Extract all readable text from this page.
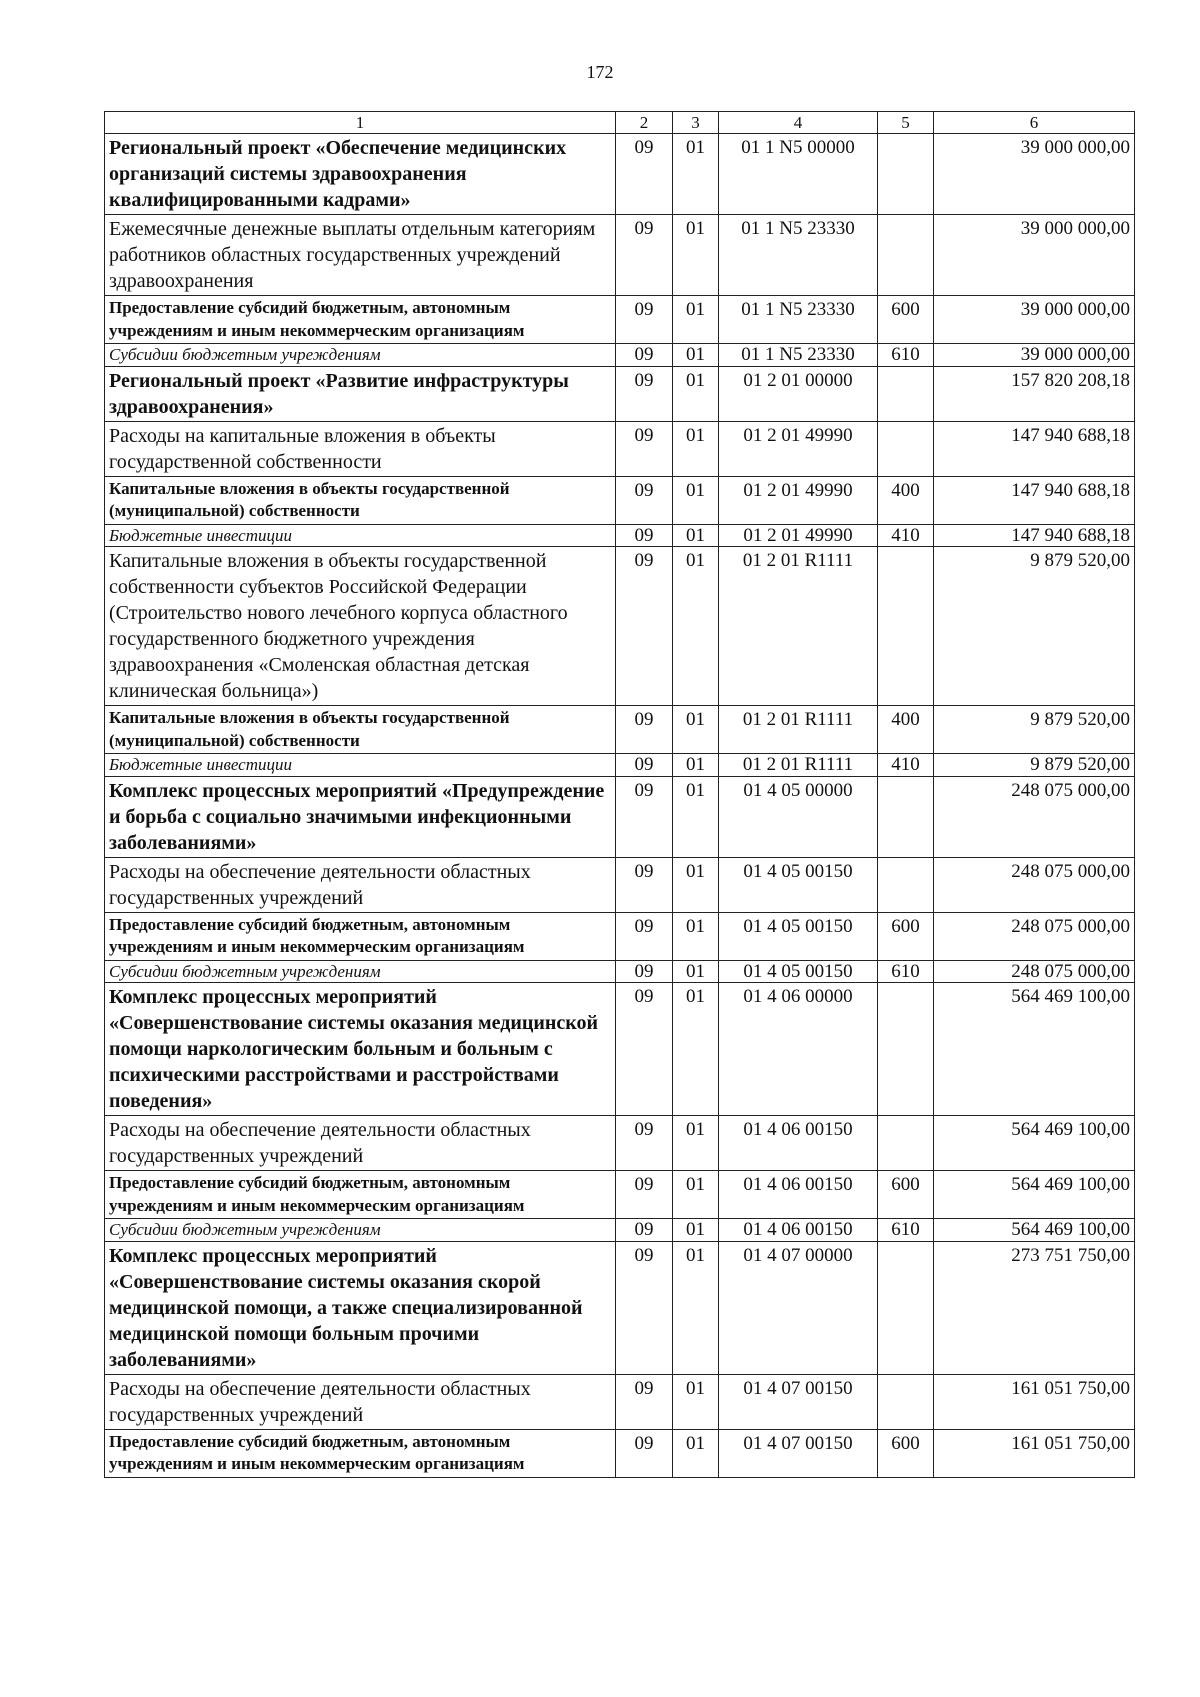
172
1	2	3	4	5	6
Региональный проект «Обеспечение медицинских организаций системы здравоохранения квалифицированными кадрами»	09	01	01 1 N5 00000		39 000 000,00
Ежемесячные денежные выплаты отдельным категориям работников областных государственных учреждений здравоохранения	09	01	01 1 N5 23330		39 000 000,00
Предоставление субсидий бюджетным, автономным учреждениям и иным некоммерческим организациям	09	01	01 1 N5 23330	600	39 000 000,00
Субсидии бюджетным учреждениям	09	01	01 1 N5 23330	610	39 000 000,00
Региональный проект «Развитие инфраструктуры здравоохранения»	09	01	01 2 01 00000		157 820 208,18
Расходы на капитальные вложения в объекты государственной собственности	09	01	01 2 01 49990		147 940 688,18
Капитальные вложения в объекты государственной (муниципальной) собственности	09	01	01 2 01 49990	400	147 940 688,18
Бюджетные инвестиции	09	01	01 2 01 49990	410	147 940 688,18
Капитальные вложения в объекты государственной собственности субъектов Российской Федерации (Строительство нового лечебного корпуса областного государственного бюджетного учреждения здравоохранения «Смоленская областная детская клиническая больница»)	09	01	01 2 01 R1111		9 879 520,00
Капитальные вложения в объекты государственной (муниципальной) собственности	09	01	01 2 01 R1111	400	9 879 520,00
Бюджетные инвестиции	09	01	01 2 01 R1111	410	9 879 520,00
Комплекс процессных мероприятий «Предупреждение и борьба с социально значимыми инфекционными заболеваниями»	09	01	01 4 05 00000		248 075 000,00
Расходы на обеспечение деятельности областных государственных учреждений	09	01	01 4 05 00150		248 075 000,00
Предоставление субсидий бюджетным, автономным учреждениям и иным некоммерческим организациям	09	01	01 4 05 00150	600	248 075 000,00
Субсидии бюджетным учреждениям	09	01	01 4 05 00150	610	248 075 000,00
Комплекс процессных мероприятий «Совершенствование системы оказания медицинской помощи наркологическим больным и больным с психическими расстройствами и расстройствами поведения»	09	01	01 4 06 00000		564 469 100,00
Расходы на обеспечение деятельности областных государственных учреждений	09	01	01 4 06 00150		564 469 100,00
Предоставление субсидий бюджетным, автономным учреждениям и иным некоммерческим организациям	09	01	01 4 06 00150	600	564 469 100,00
Субсидии бюджетным учреждениям	09	01	01 4 06 00150	610	564 469 100,00
Комплекс процессных мероприятий «Совершенствование системы оказания скорой медицинской помощи, а также специализированной медицинской помощи больным прочими заболеваниями»	09	01	01 4 07 00000		273 751 750,00
Расходы на обеспечение деятельности областных государственных учреждений	09	01	01 4 07 00150		161 051 750,00
Предоставление субсидий бюджетным, автономным учреждениям и иным некоммерческим организациям	09	01	01 4 07 00150	600	161 051 750,00
